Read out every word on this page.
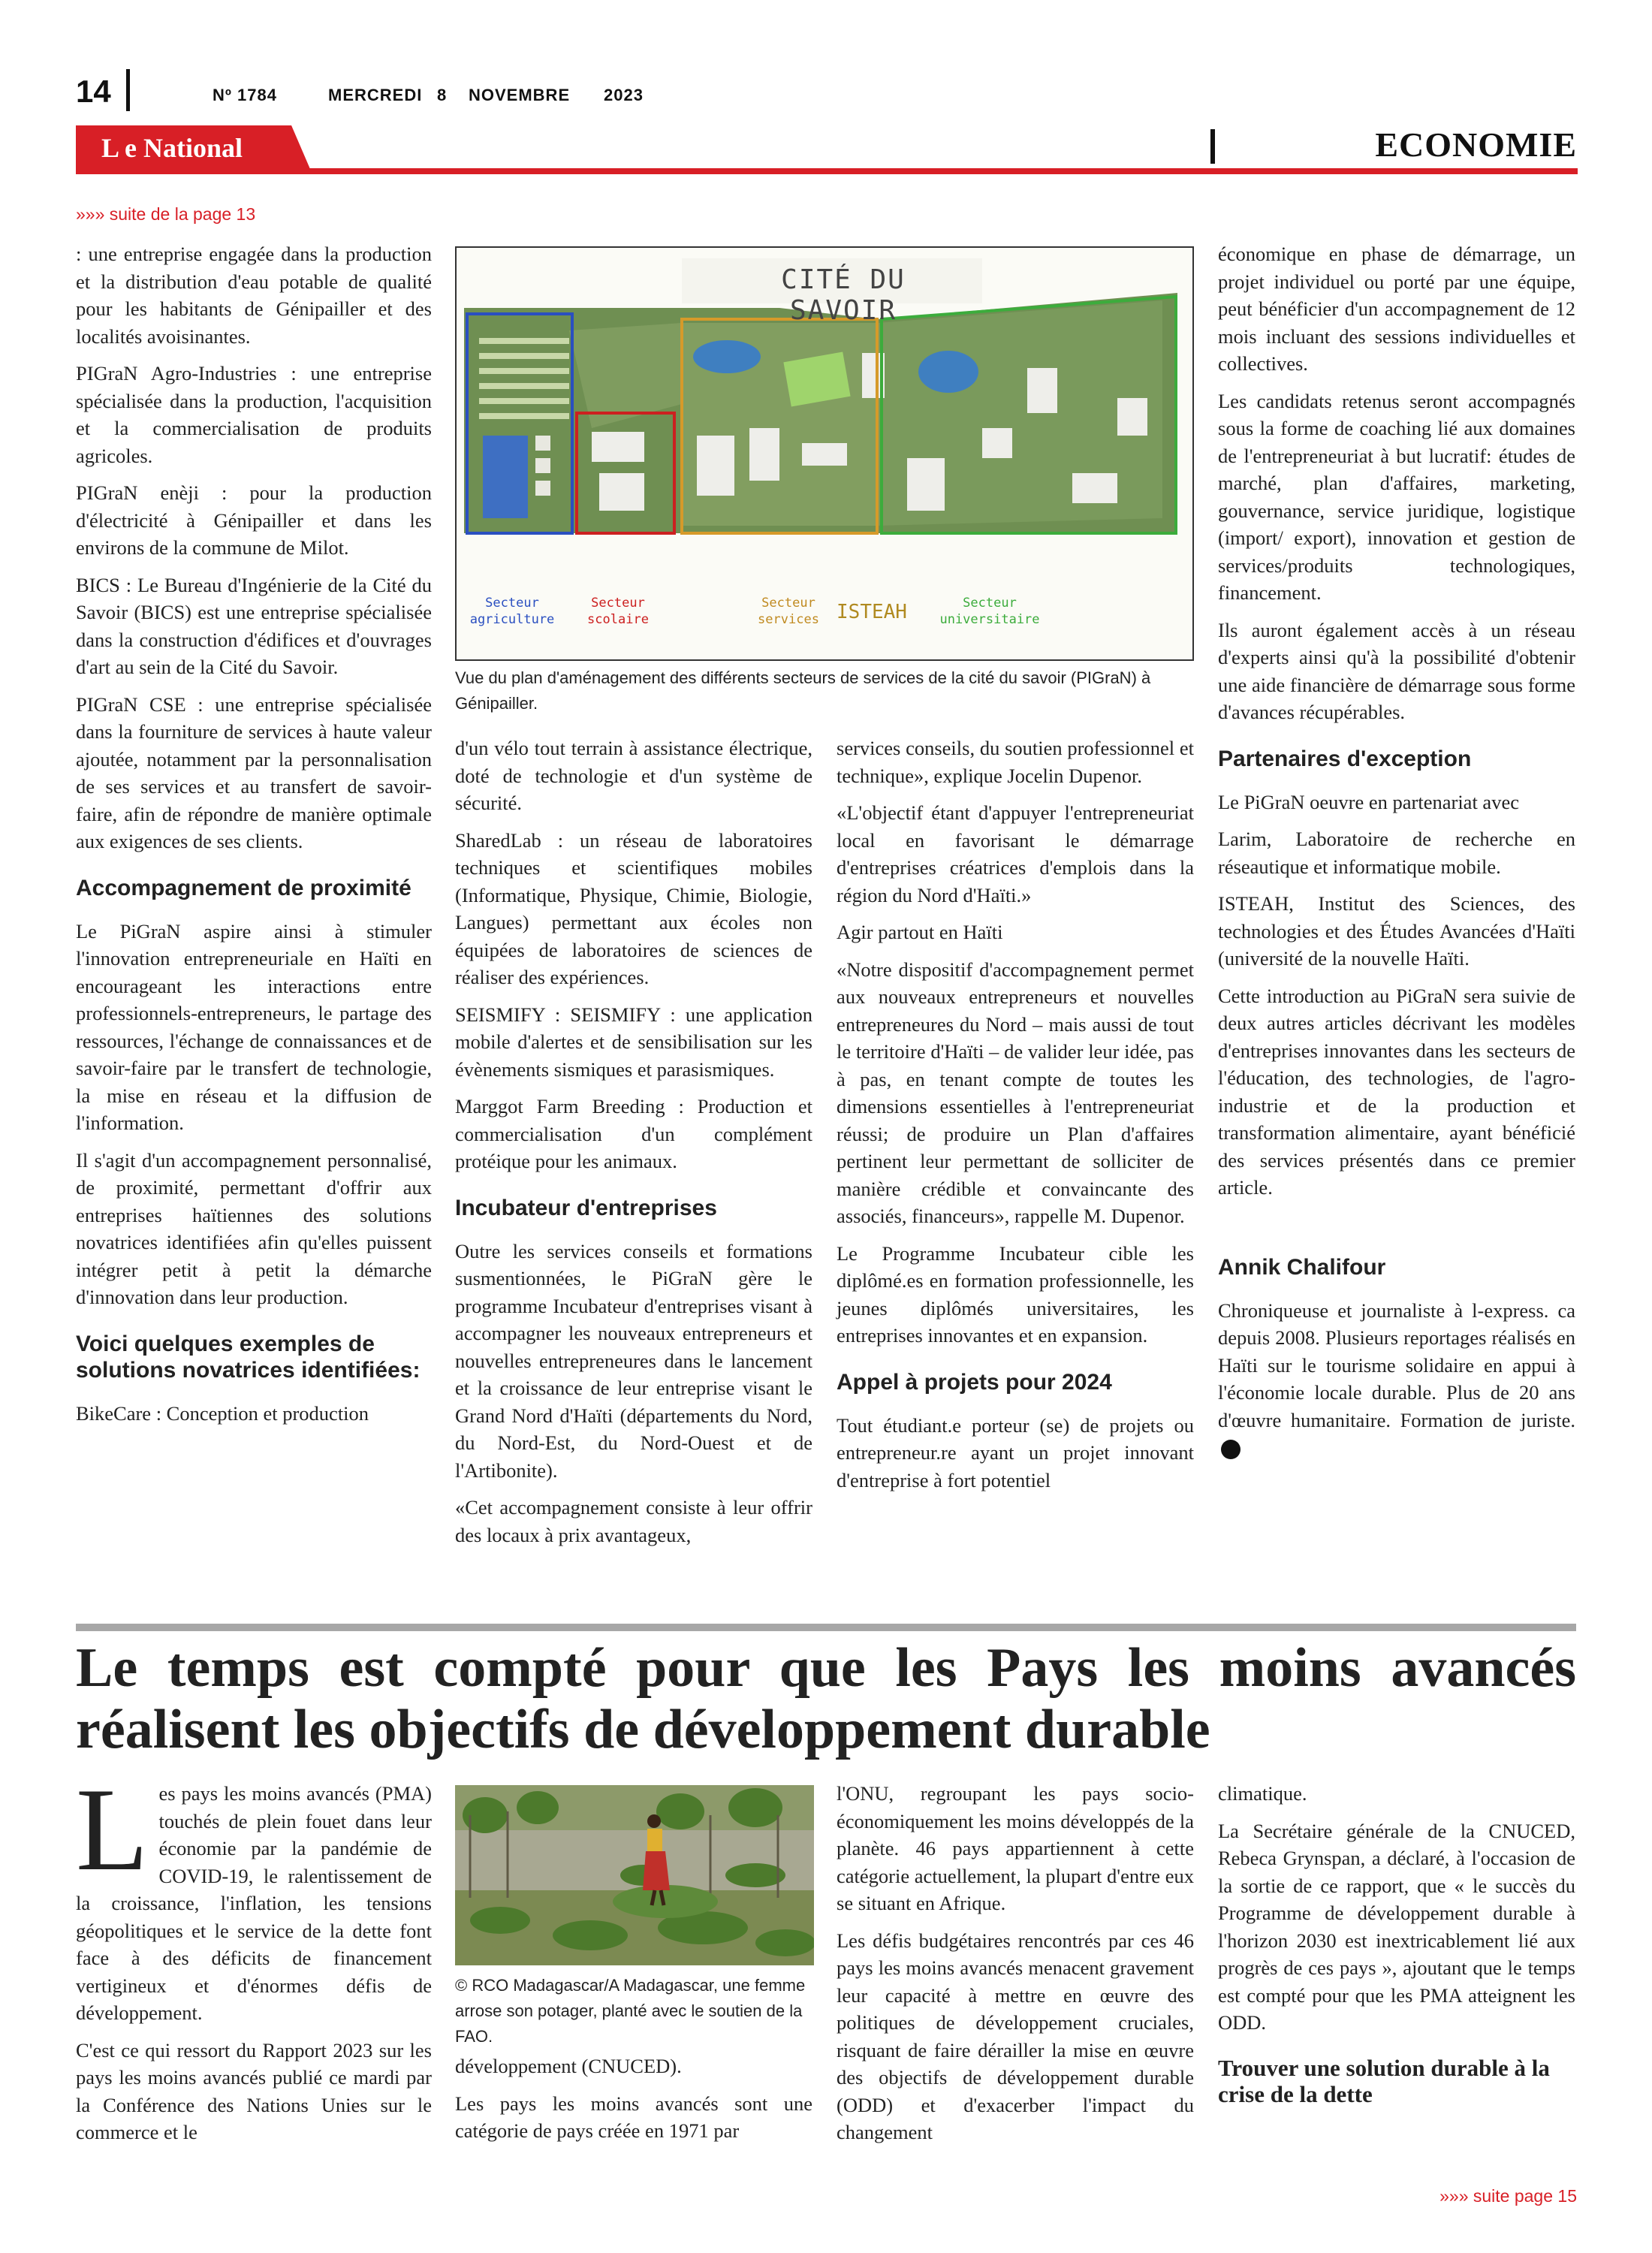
14	Nº 1784	MERCREDI 8 NOVEMBRE 2023
L e National	ECONOMIE
»»» suite de la page 13

: une entreprise engagée dans la production et la distribution d'eau potable de qualité pour les habitants de Génipailler et des localités avoisinantes.

PIGraN Agro-Industries : une entreprise spécialisée dans la production, l'acquisition et la commercialisation de produits agricoles.

PIGraN enèji : pour la production d'électricité à Génipailler et dans les environs de la commune de Milot.

BICS : Le Bureau d'Ingénierie de la Cité du Savoir (BICS) est une entreprise spécialisée dans la construction d'édifices et d'ouvrages d'art au sein de la Cité du Savoir.

PIGraN CSE : une entreprise spécialisée dans la fourniture de services à haute valeur ajoutée, notamment par la personnalisation de ses services et au transfert de savoir-faire, afin de répondre de manière optimale aux exigences de ses clients.

Accompagnement de proximité

Le PiGraN aspire ainsi à stimuler l'innovation entrepreneuriale en Haïti en encourageant les interactions entre professionnels-entrepreneurs, le partage des ressources, l'échange de connaissances et de savoir-faire par le transfert de technologie, la mise en réseau et la diffusion de l'information.

Il s'agit d'un accompagnement personnalisé, de proximité, permettant d'offrir aux entreprises haïtiennes des solutions novatrices identifiées afin qu'elles puissent intégrer petit à petit la démarche d'innovation dans leur production.

Voici quelques exemples de solutions novatrices identifiées:

BikeCare : Conception et production

CITÉ DU SAVOIR
Secteur agriculture
Secteur scolaire
Secteur services ISTEAH	Secteur universitaire
Vue du plan d'aménagement des différents secteurs de services de la cité du savoir (PIGraN) à Génipailler.

d'un vélo tout terrain à assistance électrique, doté de technologie et d'un système de sécurité.

SharedLab : un réseau de laboratoires techniques et scientifiques mobiles (Informatique, Physique, Chimie, Biologie, Langues) permettant aux écoles non équipées de laboratoires de sciences de réaliser des expériences.

SEISMIFY : SEISMIFY : une application mobile d'alertes et de sensibilisation sur les évènements sismiques et parasismiques.

Marggot Farm Breeding : Production et commercialisation d'un complément protéique pour les animaux.

Incubateur d'entreprises

Outre les services conseils et formations susmentionnées, le PiGraN gère le programme Incubateur d'entreprises visant à accompagner les nouveaux entrepreneurs et nouvelles entrepreneures dans le lancement et la croissance de leur entreprise visant le Grand Nord d'Haïti (départements du Nord, du Nord-Est, du Nord-Ouest et de l'Artibonite).

«Cet accompagnement consiste à leur offrir des locaux à prix avantageux,

services conseils, du soutien professionnel et technique», explique Jocelin Dupenor.

«L'objectif étant d'appuyer l'entrepreneuriat local en favorisant le démarrage d'entreprises créatrices d'emplois dans la région du Nord d'Haïti.»

Agir partout en Haïti

«Notre dispositif d'accompagnement permet aux nouveaux entrepreneurs et nouvelles entrepreneures du Nord – mais aussi de tout le territoire d'Haïti – de valider leur idée, pas à pas, en tenant compte de toutes les dimensions essentielles à l'entrepreneuriat réussi; de produire un Plan d'affaires pertinent leur permettant de solliciter de manière crédible et convaincante des associés, financeurs», rappelle M. Dupenor.

Le Programme Incubateur cible les diplômé.es en formation professionnelle, les jeunes diplômés universitaires, les entreprises innovantes et en expansion.

Appel à projets pour 2024

Tout étudiant.e porteur (se) de projets ou entrepreneur.re ayant un projet innovant d'entreprise à fort potentiel

économique en phase de démarrage, un projet individuel ou porté par une équipe, peut bénéficier d'un accompagnement de 12 mois incluant des sessions individuelles et collectives.

Les candidats retenus seront accompagnés sous la forme de coaching lié aux domaines de l'entrepreneuriat à but lucratif: études de marché, plan d'affaires, marketing, gouvernance, service juridique, logistique (import/ export), innovation et gestion de services/produits technologiques, financement.

Ils auront également accès à un réseau d'experts ainsi qu'à la possibilité d'obtenir une aide financière de démarrage sous forme d'avances récupérables.

Partenaires d'exception

Le PiGraN oeuvre en partenariat avec

Larim, Laboratoire de recherche en réseautique et informatique mobile.

ISTEAH, Institut des Sciences, des technologies et des Études Avancées d'Haïti (université de la nouvelle Haïti.

Cette introduction au PiGraN sera suivie de deux autres articles décrivant les modèles d'entreprises innovantes dans les secteurs de l'éducation, des technologies, de l'agro-industrie et de la production et transformation alimentaire, ayant bénéficié des services présentés dans ce premier article.

Annik Chalifour

Chroniqueuse et journaliste à l-express. ca depuis 2008. Plusieurs reportages réalisés en Haïti sur le tourisme solidaire en appui à l'économie locale durable. Plus de 20 ans d'œuvre humanitaire. Formation de juriste.

Le temps est compté pour que les Pays les moins avancés réalisent les objectifs de développement durable

Les pays les moins avancés (PMA) touchés de plein fouet dans leur économie par la pandémie de COVID-19, le ralentissement de la croissance, l'inflation, les tensions géopolitiques et le service de la dette font face à des déficits de financement vertigineux et d'énormes défis de développement.

C'est ce qui ressort du Rapport 2023 sur les pays les moins avancés publié ce mardi par la Conférence des Nations Unies sur le commerce et le

© RCO Madagascar/A Madagascar, une femme arrose son potager, planté avec le soutien de la FAO.

développement (CNUCED).

Les pays les moins avancés sont une catégorie de pays créée en 1971 par

l'ONU, regroupant les pays socio-économiquement les moins développés de la planète. 46 pays appartiennent à cette catégorie actuellement, la plupart d'entre eux se situant en Afrique.

Les défis budgétaires rencontrés par ces 46 pays les moins avancés menacent gravement leur capacité à mettre en œuvre des politiques de développement cruciales, risquant de faire dérailler la mise en œuvre des objectifs de développement durable (ODD) et d'exacerber l'impact du changement

climatique.

La Secrétaire générale de la CNUCED, Rebeca Grynspan, a déclaré, à l'occasion de la sortie de ce rapport, que « le succès du Programme de développement durable à l'horizon 2030 est inextricablement lié aux progrès de ces pays », ajoutant que le temps est compté pour que les PMA atteignent les ODD.

Trouver une solution durable à la crise de la dette
»»» suite page 15
